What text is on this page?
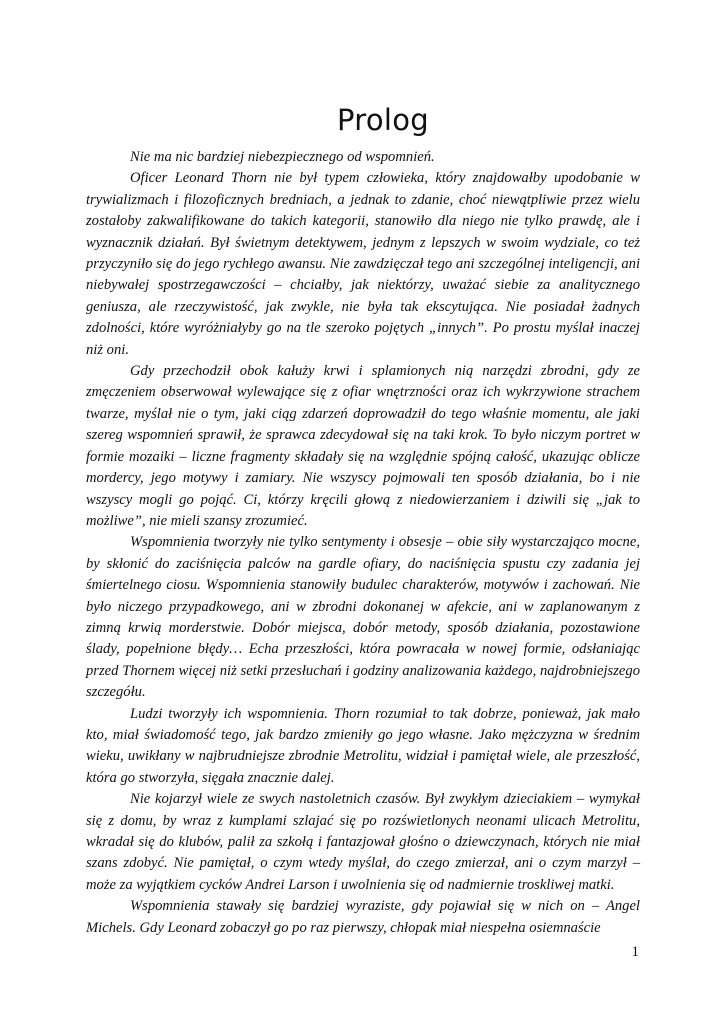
Prolog

Nie ma nic bardziej niebezpiecznego od wspomnień.

Oficer Leonard Thorn nie był typem człowieka, który znajdowałby upodobanie w trywializmach i filozoficznych bredniach, a jednak to zdanie, choć niewątpliwie przez wielu zostałoby zakwalifikowane do takich kategorii, stanowiło dla niego nie tylko prawdę, ale i wyznacznik działań. Był świetnym detektywem, jednym z lepszych w swoim wydziale, co też przyczyniło się do jego rychłego awansu. Nie zawdzięczał tego ani szczególnej inteligencji, ani niebywałej spostrzegawczości – chciałby, jak niektórzy, uważać siebie za analitycznego geniusza, ale rzeczywistość, jak zwykle, nie była tak ekscytująca. Nie posiadał żadnych zdolności, które wyróżniałyby go na tle szeroko pojętych „innych”. Po prostu myślał inaczej niż oni.

Gdy przechodził obok kałuży krwi i splamionych nią narzędzi zbrodni, gdy ze zmęczeniem obserwował wylewające się z ofiar wnętrzności oraz ich wykrzywione strachem twarze, myślał nie o tym, jaki ciąg zdarzeń doprowadził do tego właśnie momentu, ale jaki szereg wspomnień sprawił, że sprawca zdecydował się na taki krok. To było niczym portret w formie mozaiki – liczne fragmenty składały się na względnie spójną całość, ukazując oblicze mordercy, jego motywy i zamiary. Nie wszyscy pojmowali ten sposób działania, bo i nie wszyscy mogli go pojąć. Ci, którzy kręcili głową z niedowierzaniem i dziwili się „jak to możliwe”, nie mieli szansy zrozumieć.

Wspomnienia tworzyły nie tylko sentymenty i obsesje – obie siły wystarczająco mocne, by skłonić do zaciśnięcia palców na gardle ofiary, do naciśnięcia spustu czy zadania jej śmiertelnego ciosu. Wspomnienia stanowiły budulec charakterów, motywów i zachowań. Nie było niczego przypadkowego, ani w zbrodni dokonanej w afekcie, ani w zaplanowanym z zimną krwią morderstwie. Dobór miejsca, dobór metody, sposób działania, pozostawione ślady, popełnione błędy… Echa przeszłości, która powracała w nowej formie, odsłaniając przed Thornem więcej niż setki przesłuchań i godziny analizowania każdego, najdrobniejszego szczegółu.

Ludzi tworzyły ich wspomnienia. Thorn rozumiał to tak dobrze, ponieważ, jak mało kto, miał świadomość tego, jak bardzo zmieniły go jego własne. Jako mężczyzna w średnim wieku, uwikłany w najbrudniejsze zbrodnie Metrolitu, widział i pamiętał wiele, ale przeszłość, która go stworzyła, sięgała znacznie dalej.

Nie kojarzył wiele ze swych nastoletnich czasów. Był zwykłym dzieciakiem – wymykał się z domu, by wraz z kumplami szlajać się po rozświetlonych neonami ulicach Metrolitu, wkradał się do klubów, palił za szkołą i fantazjował głośno o dziewczynach, których nie miał szans zdobyć. Nie pamiętał, o czym wtedy myślał, do czego zmierzał, ani o czym marzył – może za wyjątkiem cycków Andrei Larson i uwolnienia się od nadmiernie troskliwej matki.

Wspomnienia stawały się bardziej wyraziste, gdy pojawiał się w nich on – Angel Michels. Gdy Leonard zobaczył go po raz pierwszy, chłopak miał niespełna osiemnaście

1
